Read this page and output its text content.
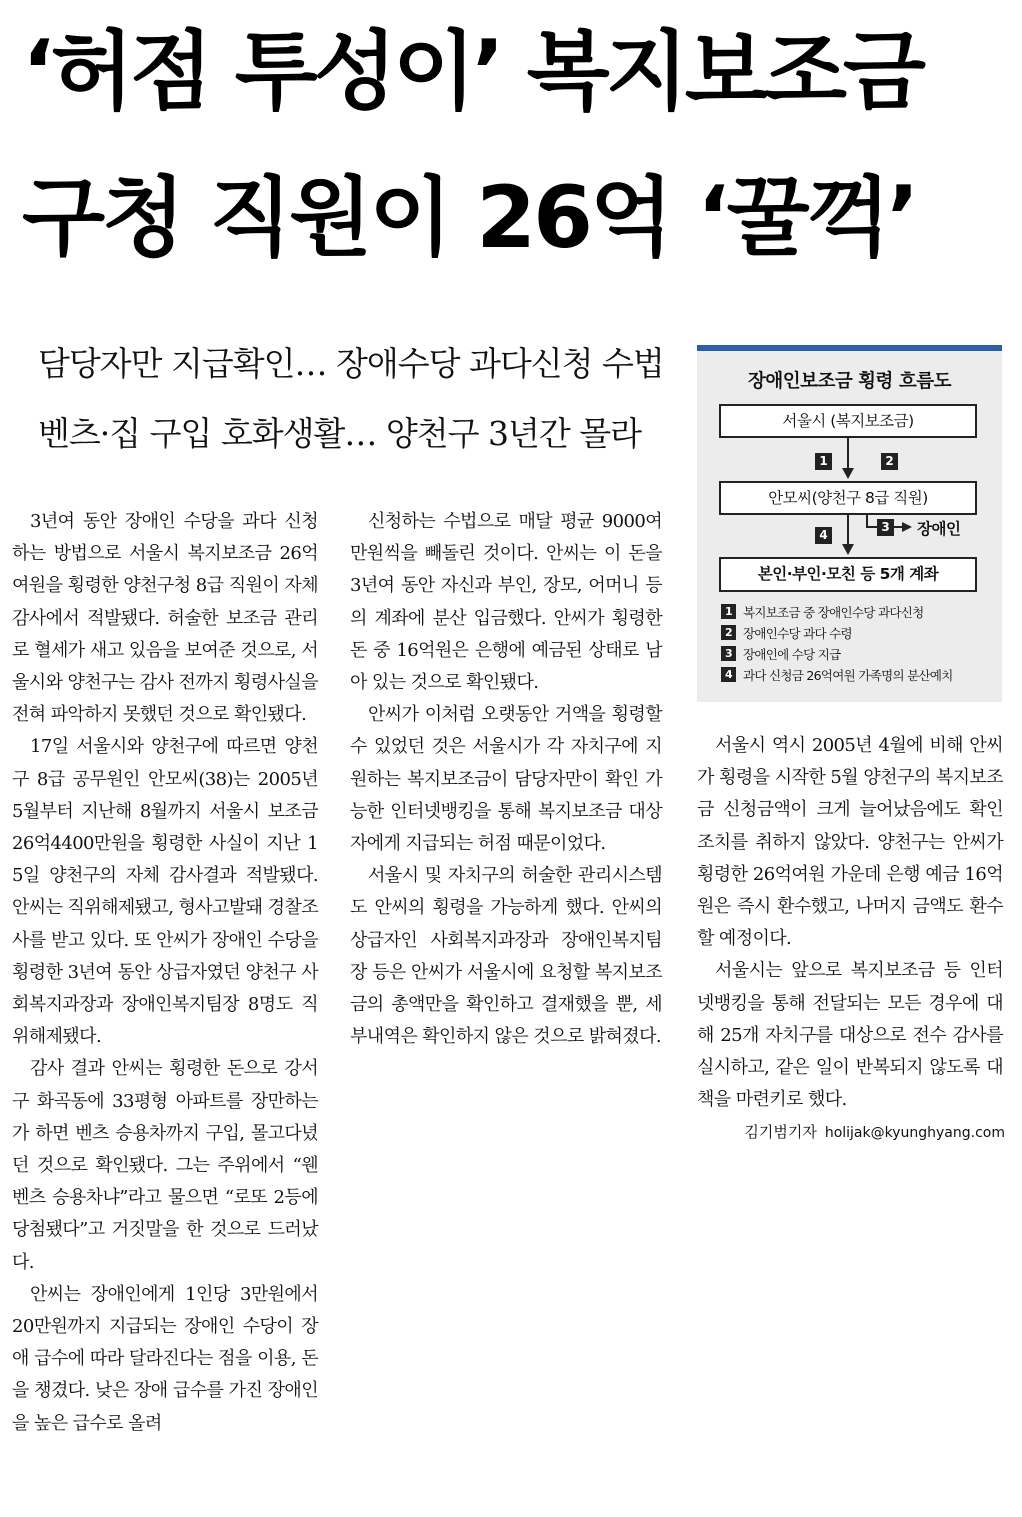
‘허점 투성이’ 복지보조금
구청 직원이 26억 ‘꿀꺽’
담당자만 지급확인… 장애수당 과다신청 수법
벤츠·집 구입 호화생활… 양천구 3년간 몰라

3년여 동안 장애인 수당을 과다 신청하는 방법으로 서울시 복지보조금 26억여원을 횡령한 양천구청 8급 직원이 자체 감사에서 적발됐다. 허술한 보조금 관리로 혈세가 새고 있음을 보여준 것으로, 서울시와 양천구는 감사 전까지 횡령사실을 전혀 파악하지 못했던 것으로 확인됐다.

17일 서울시와 양천구에 따르면 양천구 8급 공무원인 안모씨(38)는 2005년 5월부터 지난해 8월까지 서울시 보조금 26억4400만원을 횡령한 사실이 지난 15일 양천구의 자체 감사결과 적발됐다. 안씨는 직위해제됐고, 형사고발돼 경찰조사를 받고 있다. 또 안씨가 장애인 수당을 횡령한 3년여 동안 상급자였던 양천구 사회복지과장과 장애인복지팀장 8명도 직위해제됐다.

감사 결과 안씨는 횡령한 돈으로 강서구 화곡동에 33평형 아파트를 장만하는가 하면 벤츠 승용차까지 구입, 몰고다녔던 것으로 확인됐다. 그는 주위에서 “웬 벤츠 승용차냐”라고 물으면 “로또 2등에 당첨됐다”고 거짓말을 한 것으로 드러났다.

안씨는 장애인에게 1인당 3만원에서 20만원까지 지급되는 장애인 수당이 장애 급수에 따라 달라진다는 점을 이용, 돈을 챙겼다. 낮은 장애 급수를 가진 장애인을 높은 급수로 올려

신청하는 수법으로 매달 평균 9000여만원씩을 빼돌린 것이다. 안씨는 이 돈을 3년여 동안 자신과 부인, 장모, 어머니 등의 계좌에 분산 입금했다. 안씨가 횡령한 돈 중 16억원은 은행에 예금된 상태로 남아 있는 것으로 확인됐다.

안씨가 이처럼 오랫동안 거액을 횡령할 수 있었던 것은 서울시가 각 자치구에 지원하는 복지보조금이 담당자만이 확인 가능한 인터넷뱅킹을 통해 복지보조금 대상자에게 지급되는 허점 때문이었다.

서울시 및 자치구의 허술한 관리시스템도 안씨의 횡령을 가능하게 했다. 안씨의 상급자인 사회복지과장과 장애인복지팀장 등은 안씨가 서울시에 요청할 복지보조금의 총액만을 확인하고 결재했을 뿐, 세부내역은 확인하지 않은 것으로 밝혀졌다.

장애인보조금 횡령 흐름도
서울시 (복지보조금)
안모씨(양천구 8급 직원)
본인·부인·모친 등 5개 계좌
1	2
4
3 장애인
1 복지보조금 중 장애인수당 과다신청
2 장애인수당 과다 수령
3 장애인에 수당 지급
4 과다 신청금 26억여원 가족명의 분산예치

서울시 역시 2005년 4월에 비해 안씨가 횡령을 시작한 5월 양천구의 복지보조금 신청금액이 크게 늘어났음에도 확인 조치를 취하지 않았다. 양천구는 안씨가 횡령한 26억여원 가운데 은행 예금 16억원은 즉시 환수했고, 나머지 금액도 환수할 예정이다.

서울시는 앞으로 복지보조금 등 인터넷뱅킹을 통해 전달되는 모든 경우에 대해 25개 자치구를 대상으로 전수 감사를 실시하고, 같은 일이 반복되지 않도록 대책을 마련키로 했다.

김기범기자 holijak@kyunghyang.com
